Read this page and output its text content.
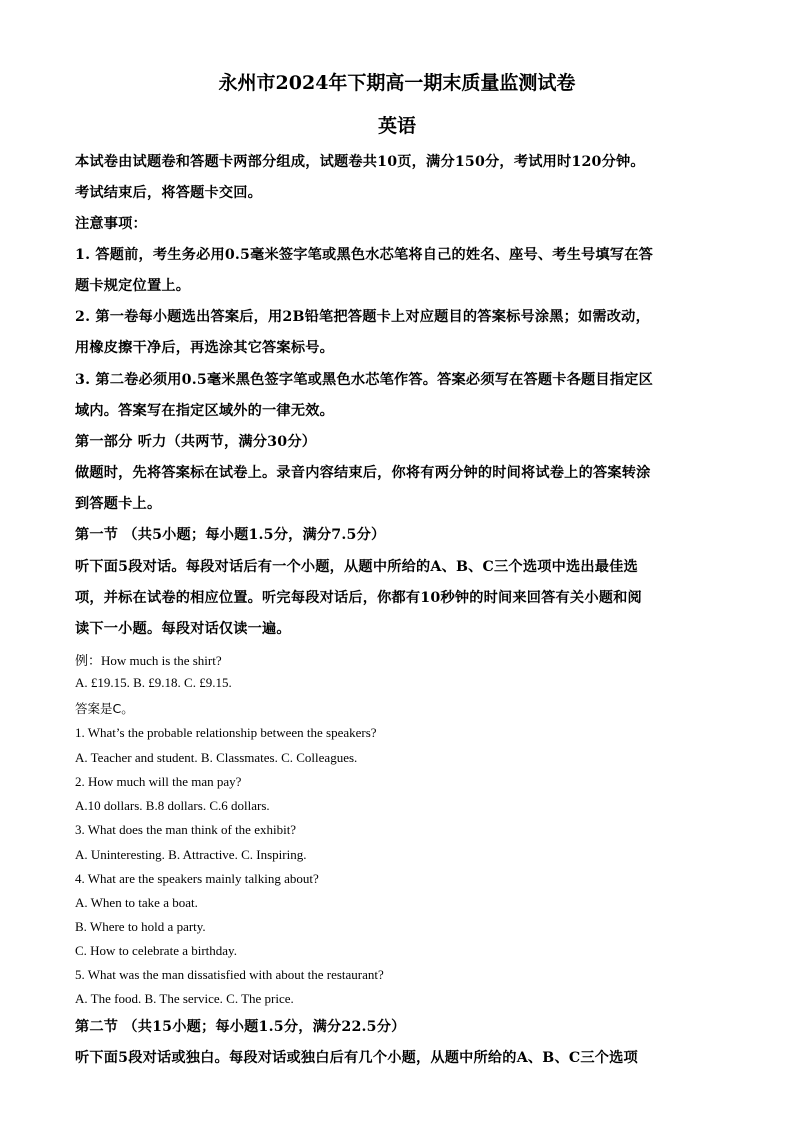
永州市2024年下期高一期末质量监测试卷
英语
本试卷由试题卷和答题卡两部分组成，试题卷共10页，满分150分，考试用时120分钟。
考试结束后，将答题卡交回。
注意事项：
1. 答题前，考生务必用0.5毫米签字笔或黑色水芯笔将自己的姓名、座号、考生号填写在答
题卡规定位置上。
2. 第一卷每小题选出答案后，用2B铅笔把答题卡上对应题目的答案标号涂黑；如需改动，
用橡皮擦干净后，再选涂其它答案标号。
3. 第二卷必须用0.5毫米黑色签字笔或黑色水芯笔作答。答案必须写在答题卡各题目指定区
域内。答案写在指定区域外的一律无效。
第一部分 听力（共两节，满分30分）
做题时，先将答案标在试卷上。录音内容结束后，你将有两分钟的时间将试卷上的答案转涂
到答题卡上。
第一节 （共5小题；每小题1.5分，满分7.5分）
听下面5段对话。每段对话后有一个小题，从题中所给的A、B、C三个选项中选出最佳选
项，并标在试卷的相应位置。听完每段对话后，你都有10秒钟的时间来回答有关小题和阅
读下一小题。每段对话仅读一遍。
例：How much is the shirt?
A. £19.15. B. £9.18. C. £9.15.
答案是C。
1. What’s the probable relationship between the speakers?
A. Teacher and student. B. Classmates. C. Colleagues.
2. How much will the man pay?
A.10 dollars. B.8 dollars. C.6 dollars.
3. What does the man think of the exhibit?
A. Uninteresting. B. Attractive. C. Inspiring.
4. What are the speakers mainly talking about?
A. When to take a boat.
B. Where to hold a party.
C. How to celebrate a birthday.
5. What was the man dissatisfied with about the restaurant?
A. The food. B. The service. C. The price.
第二节 （共15小题；每小题1.5分，满分22.5分）
听下面5段对话或独白。每段对话或独白后有几个小题，从题中所给的A、B、C三个选项
